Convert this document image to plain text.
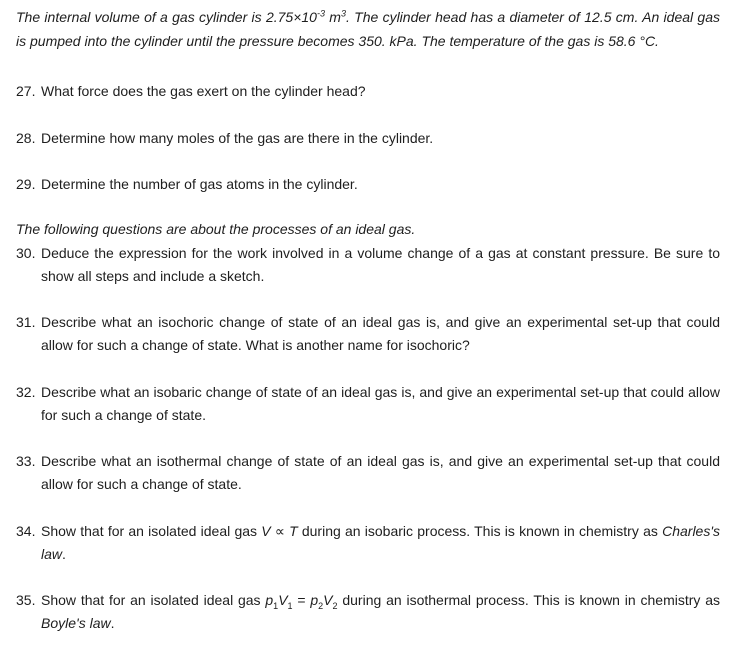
The internal volume of a gas cylinder is $2.75\times 10^{-3}$ $m^3$. The cylinder head has a diameter of 12.5 cm. An ideal gas is pumped into the cylinder until the pressure becomes 350. kPa. The temperature of the gas is 58.6 °C.
27. What force does the gas exert on the cylinder head?
28. Determine how many moles of the gas are there in the cylinder.
29. Determine the number of gas atoms in the cylinder.
The following questions are about the processes of an ideal gas.
30. Deduce the expression for the work involved in a volume change of a gas at constant pressure. Be sure to show all steps and include a sketch.
31. Describe what an isochoric change of state of an ideal gas is, and give an experimental set-up that could allow for such a change of state. What is another name for isochoric?
32. Describe what an isobaric change of state of an ideal gas is, and give an experimental set-up that could allow for such a change of state.
33. Describe what an isothermal change of state of an ideal gas is, and give an experimental set-up that could allow for such a change of state.
34. Show that for an isolated ideal gas V ∝ T during an isobaric process. This is known in chemistry as Charles's law.
35. Show that for an isolated ideal gas $p_1V_1 = p_2V_2$ during an isothermal process. This is known in chemistry as Boyle's law.
